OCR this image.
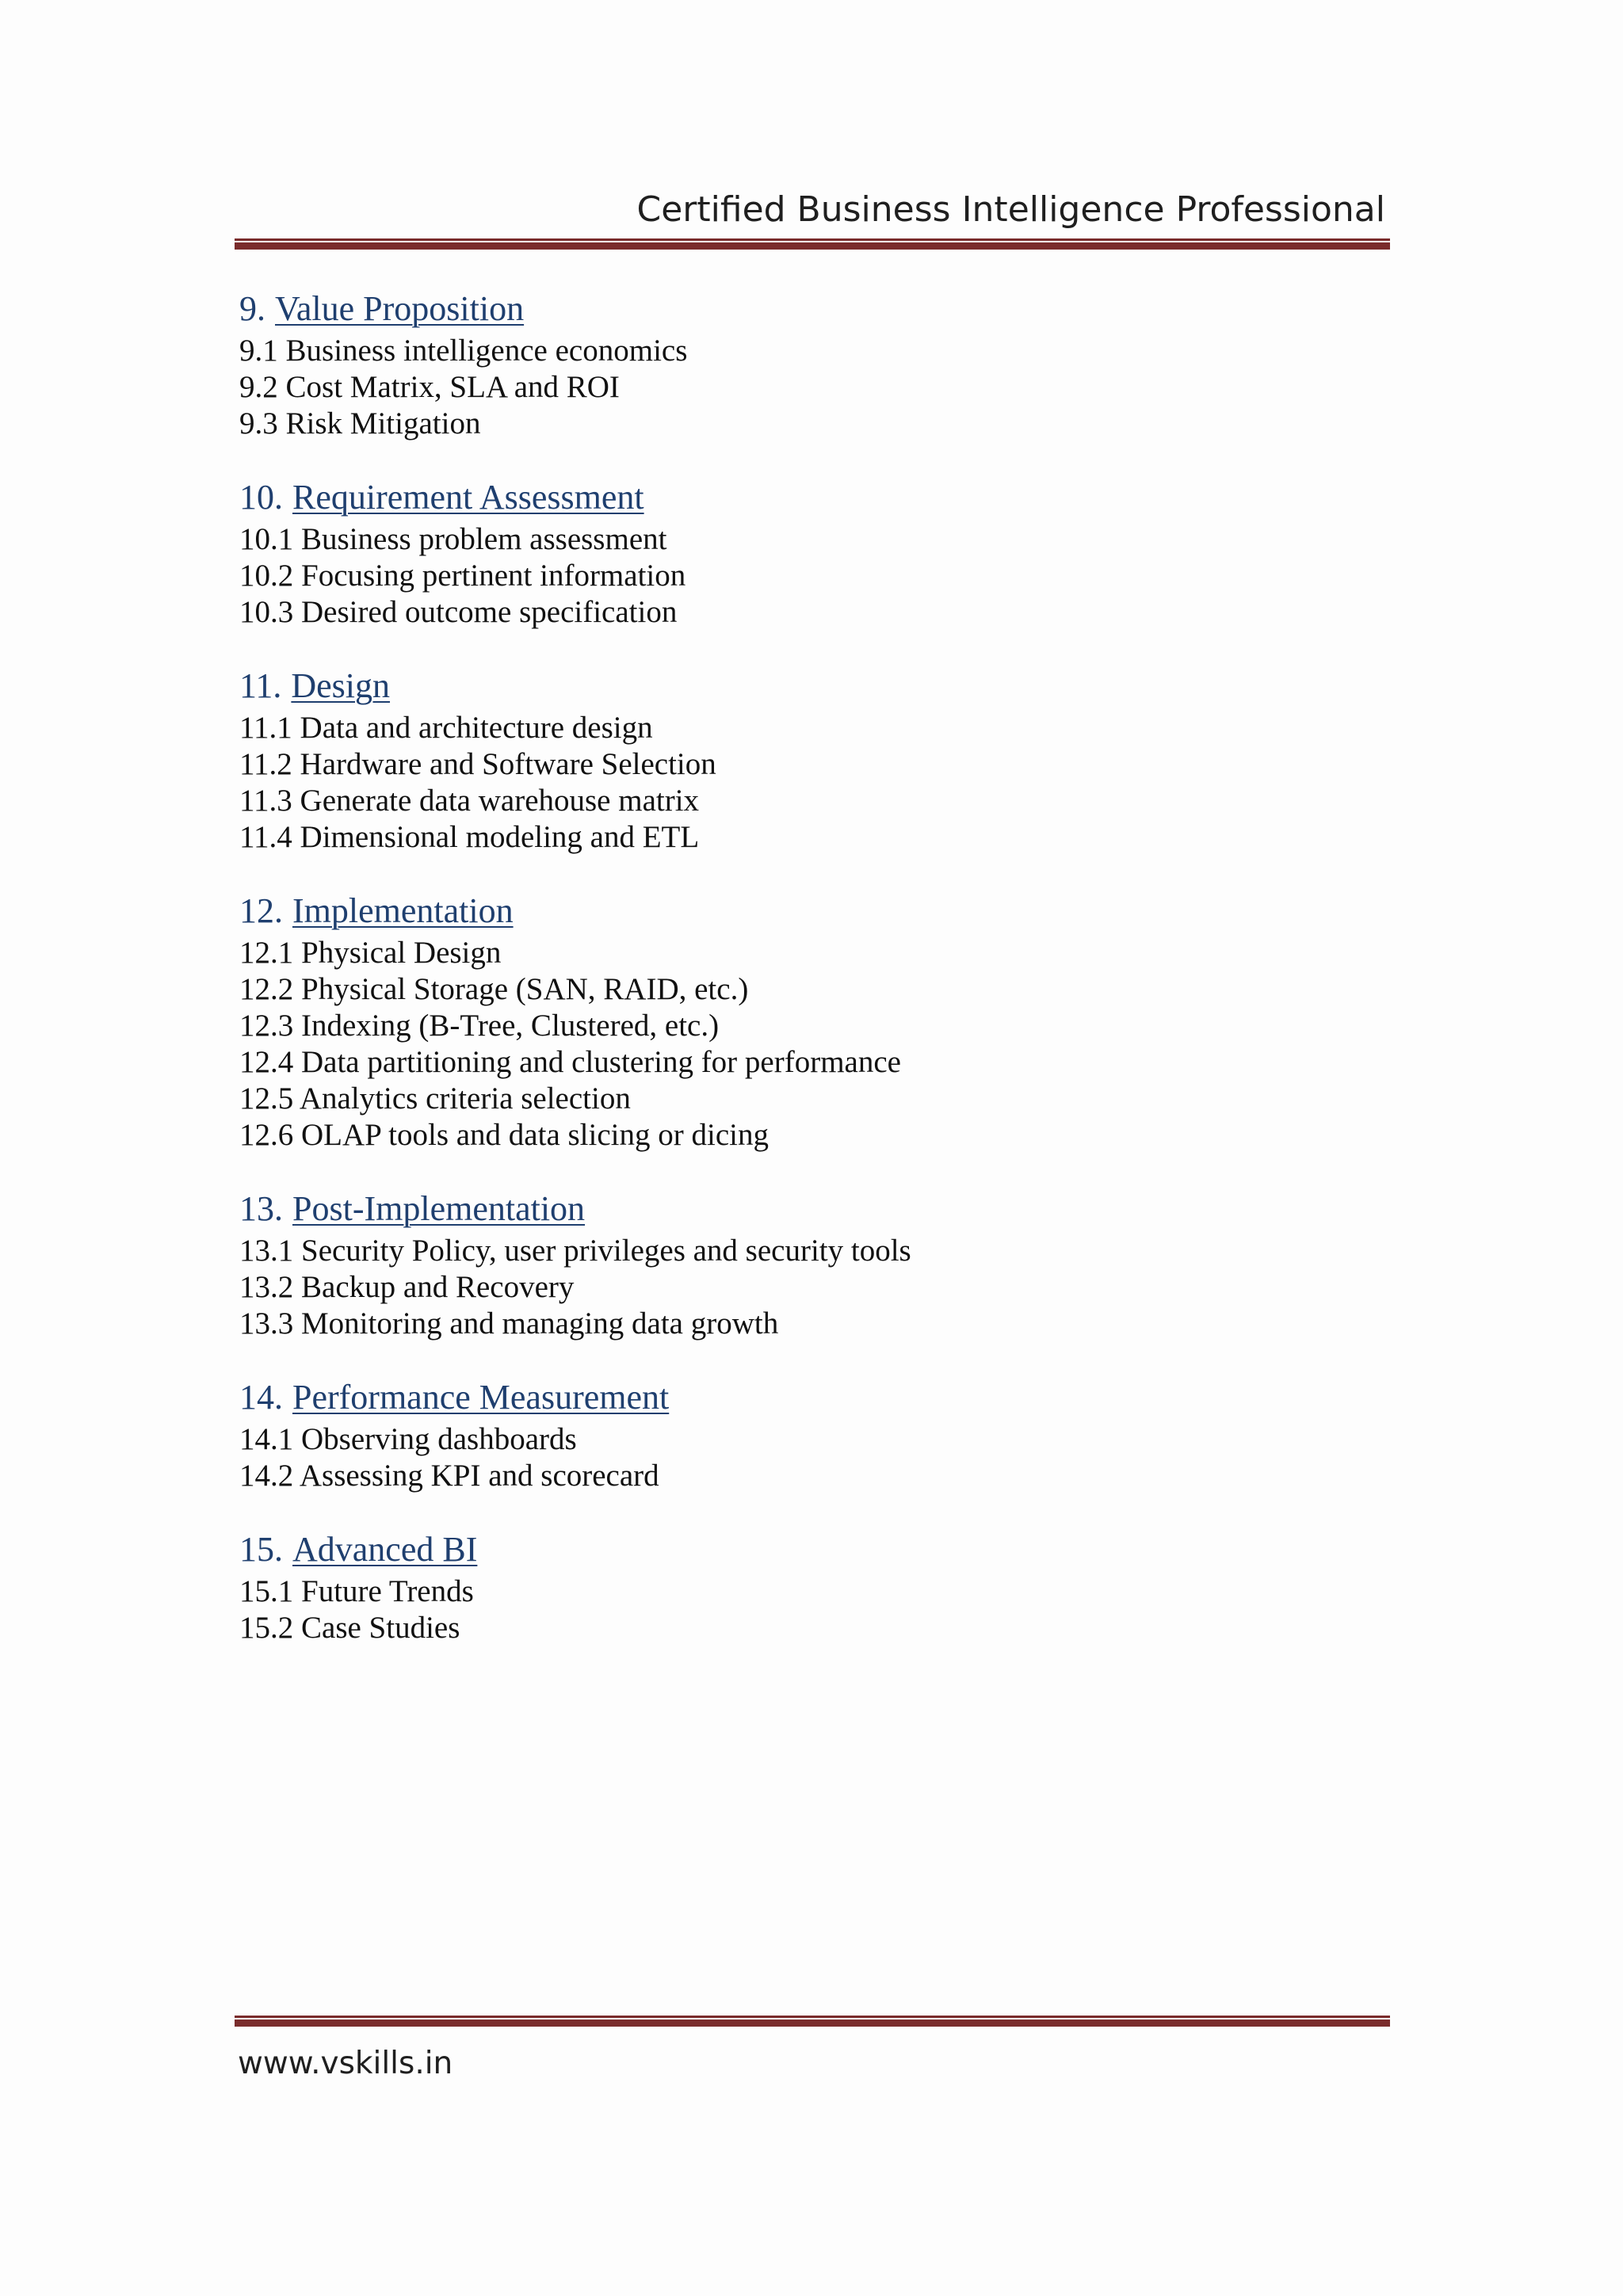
Certified Business Intelligence Professional
9. Value Proposition
9.1 Business intelligence economics
9.2 Cost Matrix, SLA and ROI
9.3 Risk Mitigation
10. Requirement Assessment
10.1 Business problem assessment
10.2 Focusing pertinent information
10.3 Desired outcome specification
11. Design
11.1 Data and architecture design
11.2 Hardware and Software Selection
11.3 Generate data warehouse matrix
11.4 Dimensional modeling and ETL
12. Implementation
12.1 Physical Design
12.2 Physical Storage (SAN, RAID, etc.)
12.3 Indexing (B-Tree, Clustered, etc.)
12.4 Data partitioning and clustering for performance
12.5 Analytics criteria selection
12.6 OLAP tools and data slicing or dicing
13. Post-Implementation
13.1 Security Policy, user privileges and security tools
13.2 Backup and Recovery
13.3 Monitoring and managing data growth
14. Performance Measurement
14.1 Observing dashboards
14.2 Assessing KPI and scorecard
15. Advanced BI
15.1 Future Trends
15.2 Case Studies
www.vskills.in
